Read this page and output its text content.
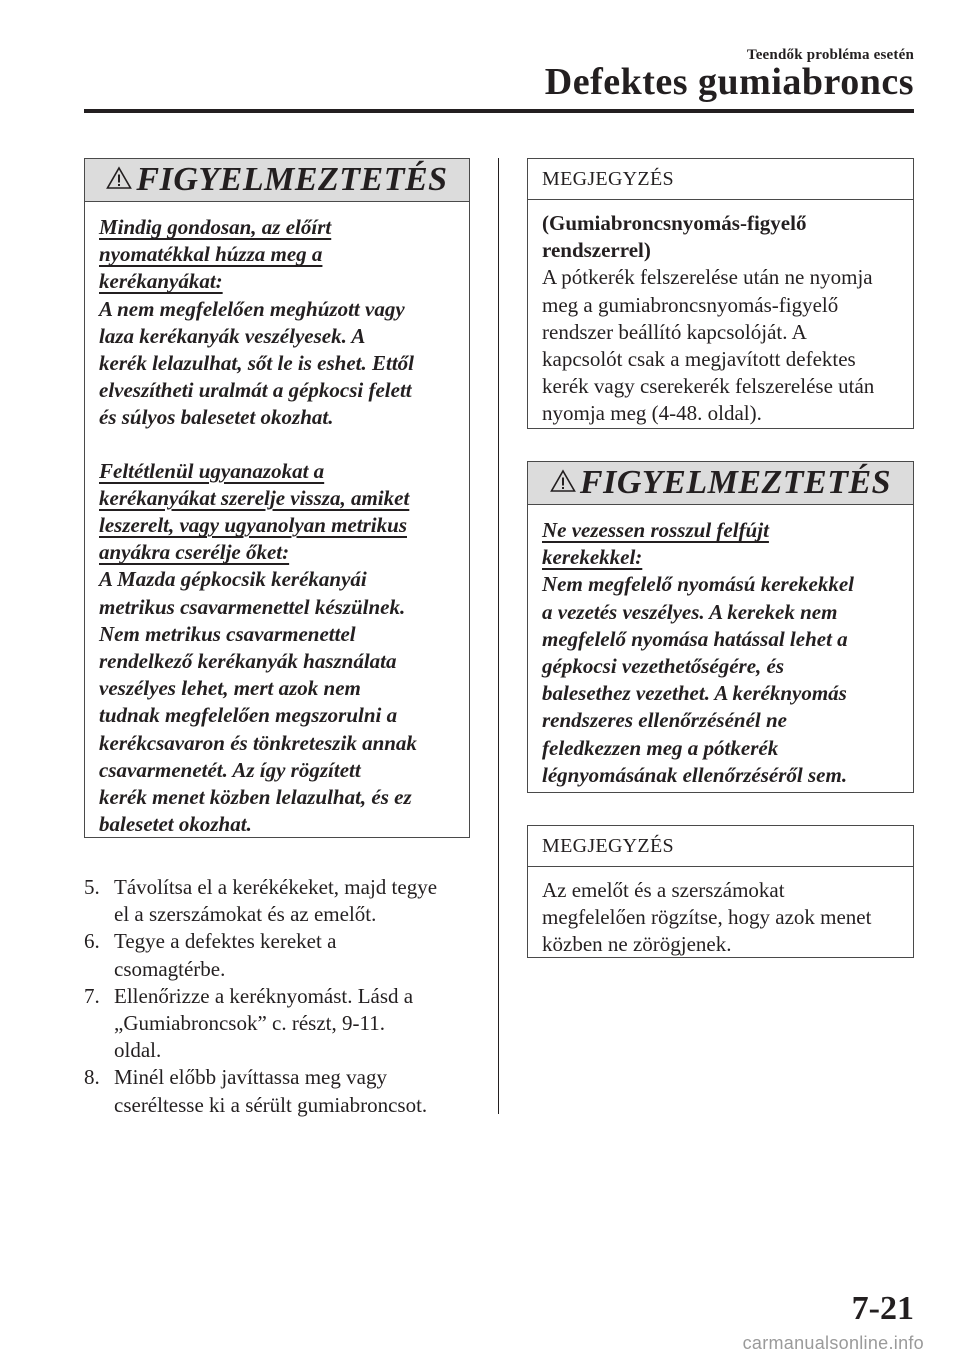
Teendők probléma esetén
Defektes gumiabroncs
FIGYELMEZTETÉS

Mindig gondosan, az előírt

nyomatékkal húzza meg a

kerékanyákat:

A nem megfelelően meghúzott vagy

laza kerékanyák veszélyesek. A

kerék lelazulhat, sőt le is eshet. Ettől

elveszítheti uralmát a gépkocsi felett

és súlyos balesetet okozhat.

Feltétlenül ugyanazokat a

kerékanyákat szerelje vissza, amiket

leszerelt, vagy ugyanolyan metrikus

anyákra cserélje őket:

A Mazda gépkocsik kerékanyái

metrikus csavarmenettel készülnek.

Nem metrikus csavarmenettel

rendelkező kerékanyák használata

veszélyes lehet, mert azok nem

tudnak megfelelően megszorulni a

kerékcsavaron és tönkreteszik annak

csavarmenetét. Az így rögzített

kerék menet közben lelazulhat, és ez

balesetet okozhat.

5. Távolítsa el a kerékékeket, majd tegye
el a szerszámokat és az emelőt.
6. Tegye a defektes kereket a
csomagtérbe.
7. Ellenőrizze a keréknyomást. Lásd a
„Gumiabroncsok” c. részt, 9-11.
oldal.
8. Minél előbb javíttassa meg vagy
cseréltesse ki a sérült gumiabroncsot.
MEGJEGYZÉS

(Gumiabroncsnyomás-figyelő

rendszerrel)

A pótkerék felszerelése után ne nyomja

meg a gumiabroncsnyomás-figyelő

rendszer beállító kapcsolóját. A

kapcsolót csak a megjavított defektes

kerék vagy cserekerék felszerelése után

nyomja meg (4-48. oldal).

FIGYELMEZTETÉS

Ne vezessen rosszul felfújt

kerekekkel:

Nem megfelelő nyomású kerekekkel

a vezetés veszélyes. A kerekek nem

megfelelő nyomása hatással lehet a

gépkocsi vezethetőségére, és

balesethez vezethet. A keréknyomás

rendszeres ellenőrzésénél ne

feledkezzen meg a pótkerék

légnyomásának ellenőrzéséről sem.

MEGJEGYZÉS

Az emelőt és a szerszámokat

megfelelően rögzítse, hogy azok menet

közben ne zörögjenek.

7-21
carmanualsonline.info
